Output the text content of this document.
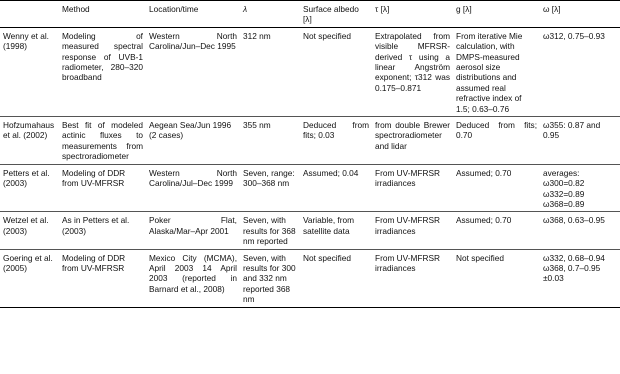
	Method	Location/time	λ	Surface albedo [λ]	τ [λ]	g [λ]	ω [λ]
Wenny et al. (1998)	Modeling of measured spectral response of UVB-1 radiometer, 280–320 broadband	Western North Carolina/Jun–Dec 1995	312 nm	Not specified	Extrapolated from visible MFRSR-derived τ using a linear Angström exponent; τ312 was 0.175–0.871	From iterative Mie calculation, with DMPS-measured aerosol size distributions and assumed real refractive index of 1.5; 0.63–0.76	ω312, 0.75–0.93
Hofzumahaus et al. (2002)	Best fit of modeled actinic fluxes to measurements from spectroradiometer	Aegean Sea/Jun 1996 (2 cases)	355 nm	Deduced from fits; 0.03	from double Brewer spectroradiometer and lidar	Deduced from fits; 0.70	ω355: 0.87 and 0.95
Petters et al. (2003)	Modeling of DDR from UV-MFRSR	Western North Carolina/Jul–Dec 1999	Seven, range: 300–368 nm	Assumed; 0.04	From UV-MFRSR irradiances	Assumed; 0.70	averages: ω300=0.82 ω332=0.89 ω368=0.89
Wetzel et al. (2003)	As in Petters et al. (2003)	Poker Flat, Alaska/Mar–Apr 2001	Seven, with results for 368 nm reported	Variable, from satellite data	From UV-MFRSR irradiances	Assumed; 0.70	ω368, 0.63–0.95
Goering et al. (2005)	Modeling of DDR from UV-MFRSR	Mexico City (MCMA), April 2003 14 April 2003 (reported in Barnard et al., 2008)	Seven, with results for 300 and 332 nm reported 368 nm	Not specified	From UV-MFRSR irradiances	Not specified	ω332, 0.68–0.94 ω368, 0.7–0.95 ±0.03
